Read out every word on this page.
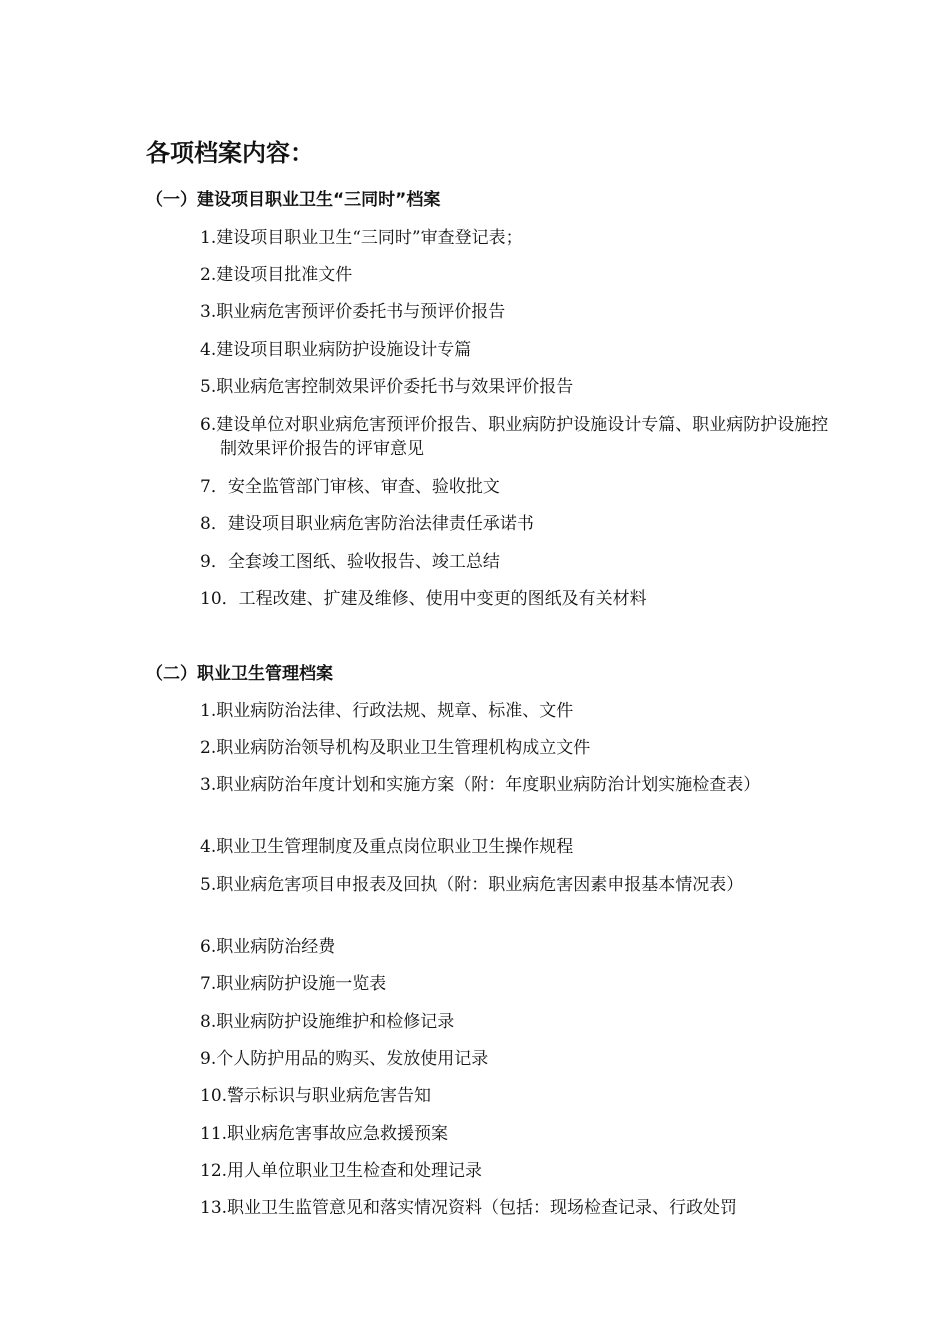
各项档案内容：
（一）建设项目职业卫生“三同时”档案

1.建设项目职业卫生“三同时”审查登记表；

2.建设项目批准文件

3.职业病危害预评价委托书与预评价报告

4.建设项目职业病防护设施设计专篇

5.职业病危害控制效果评价委托书与效果评价报告

6.建设单位对职业病危害预评价报告、职业病防护设施设计专篇、职业病防护设施控制效果评价报告的评审意见

7．安全监管部门审核、审查、验收批文

8．建设项目职业病危害防治法律责任承诺书

9．全套竣工图纸、验收报告、竣工总结

10．工程改建、扩建及维修、使用中变更的图纸及有关材料

（二）职业卫生管理档案

1.职业病防治法律、行政法规、规章、标准、文件

2.职业病防治领导机构及职业卫生管理机构成立文件

3.职业病防治年度计划和实施方案（附：年度职业病防治计划实施检查表）

4.职业卫生管理制度及重点岗位职业卫生操作规程

5.职业病危害项目申报表及回执（附：职业病危害因素申报基本情况表）

6.职业病防治经费

7.职业病防护设施一览表

8.职业病防护设施维护和检修记录

9.个人防护用品的购买、发放使用记录

10.警示标识与职业病危害告知

11.职业病危害事故应急救援预案

12.用人单位职业卫生检查和处理记录

13.职业卫生监管意见和落实情况资料（包括：现场检查记录、行政处罚
